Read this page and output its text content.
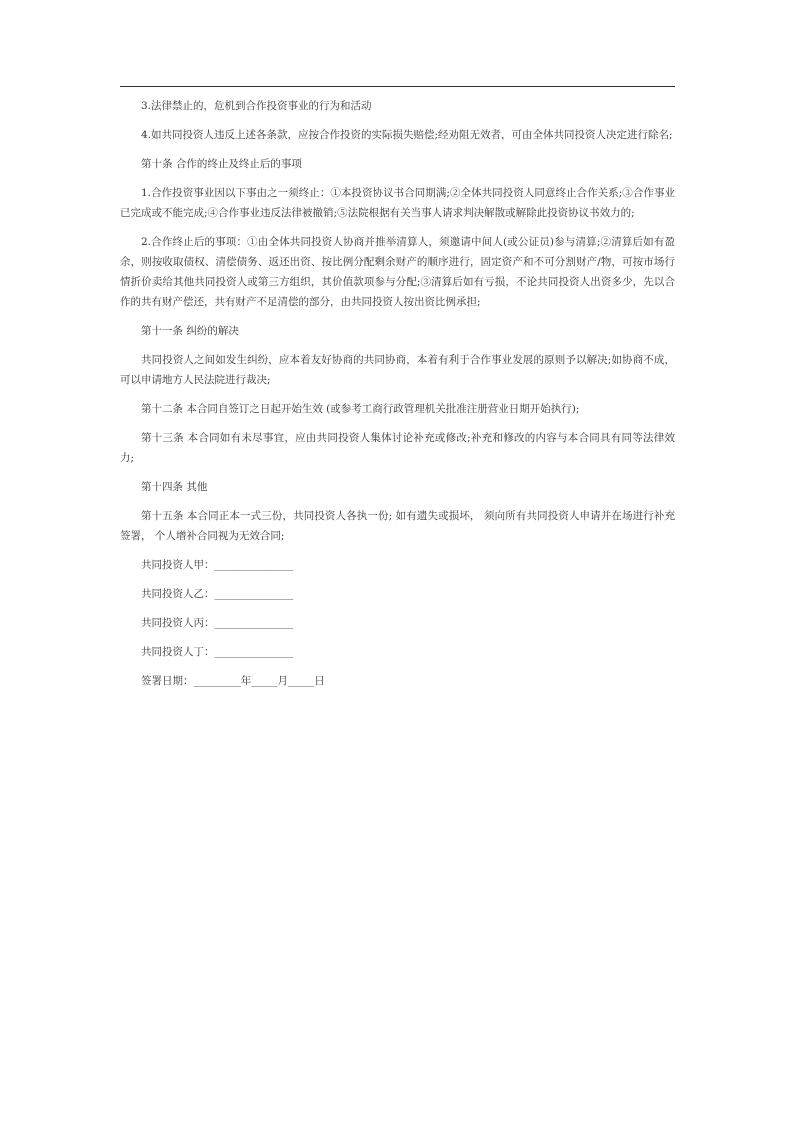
3.法律禁止的，危机到合作投资事业的行为和活动

4.如共同投资人违反上述各条款，应按合作投资的实际损失赔偿;经劝阻无效者，可由全体共同投资人决定进行除名;

第十条 合作的终止及终止后的事项

1.合作投资事业因以下事由之一须终止：①本投资协议书合同期满;②全体共同投资人同意终止合作关系;③合作事业已完成或不能完成;④合作事业违反法律被撤销;⑤法院根据有关当事人请求判决解散或解除此投资协议书效力的;

2.合作终止后的事项：①由全体共同投资人协商并推举清算人，须邀请中间人(或公证员)参与清算;②清算后如有盈余，则按收取债权、清偿债务、返还出资、按比例分配剩余财产的顺序进行，固定资产和不可分割财产/物，可按市场行情折价卖给其他共同投资人或第三方组织，其价值款项参与分配;③清算后如有亏损，不论共同投资人出资多少，先以合作的共有财产偿还，共有财产不足清偿的部分，由共同投资人按出资比例承担;

第十一条 纠纷的解决

共同投资人之间如发生纠纷，应本着友好协商的共同协商，本着有利于合作事业发展的原则予以解决;如协商不成，可以申请地方人民法院进行裁决;

第十二条 本合同自签订之日起开始生效 (或参考工商行政管理机关批准注册营业日期开始执行);

第十三条 本合同如有未尽事宜，应由共同投资人集体讨论补充或修改;补充和修改的内容与本合同具有同等法律效力;

第十四条 其他

第十五条 本合同正本一式三份，共同投资人各执一份; 如有遗失或损坏， 须向所有共同投资人申请并在场进行补充签署， 个人增补合同视为无效合同;

共同投资人甲：_______________

共同投资人乙：_______________

共同投资人丙：_______________

共同投资人丁：_______________

签署日期：_________年_____月_____日
